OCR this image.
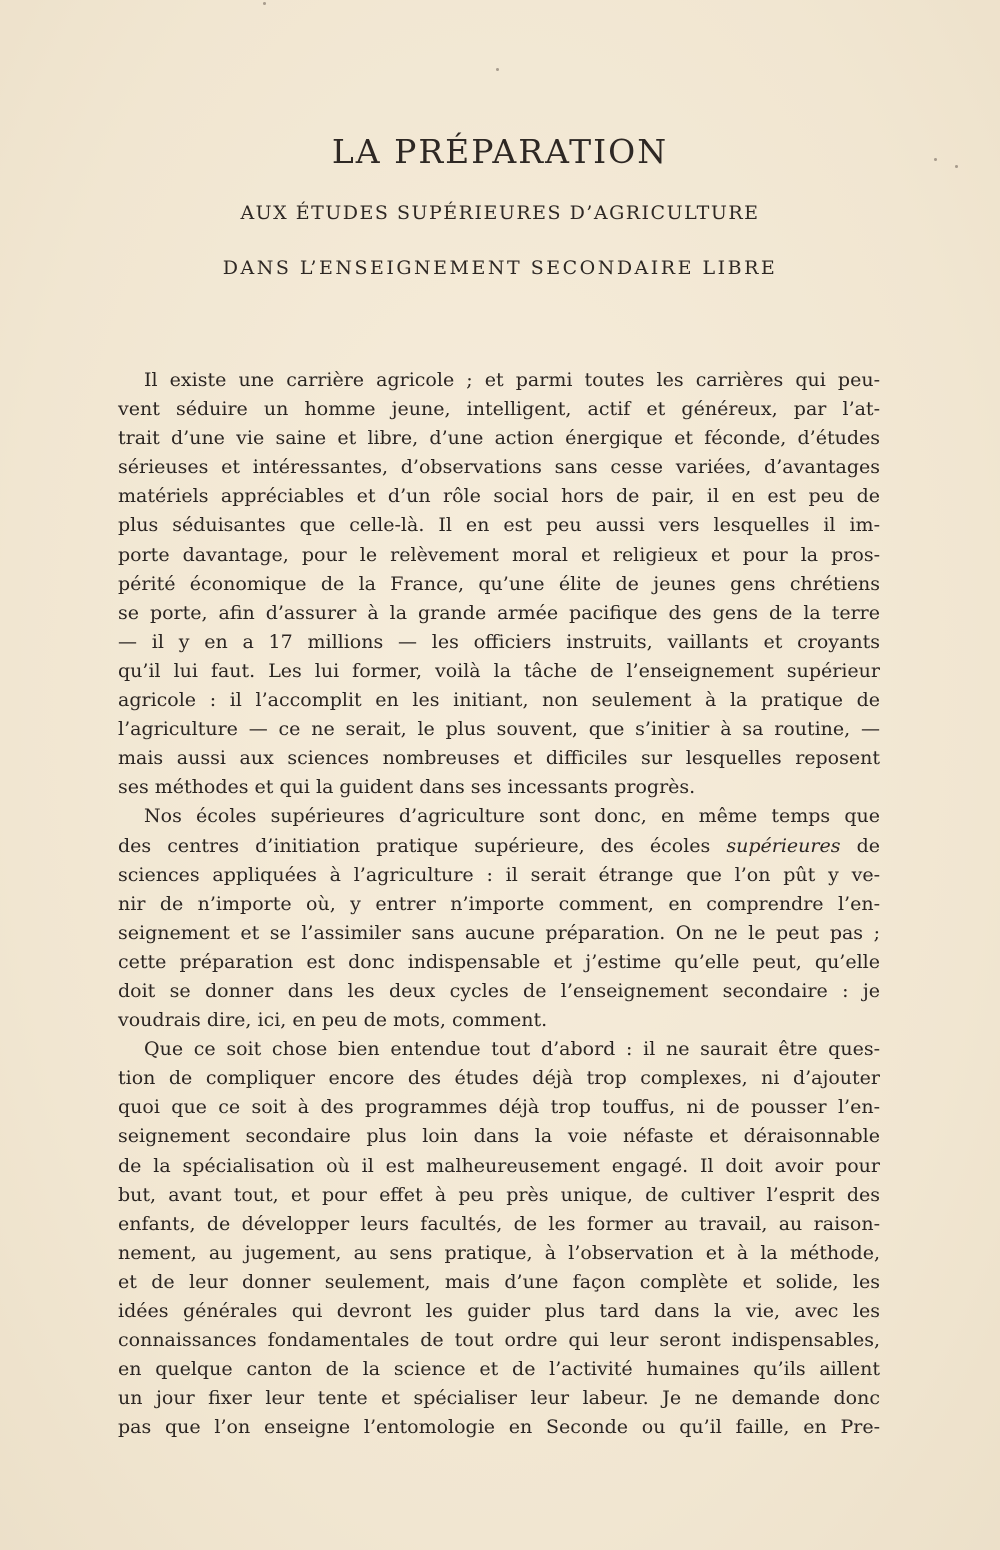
LA PRÉPARATION
AUX ÉTUDES SUPÉRIEURES D’AGRICULTURE
DANS L’ENSEIGNEMENT SECONDAIRE LIBRE
Il existe une carrière agricole ; et parmi toutes les carrières qui peu-
vent séduire un homme jeune, intelligent, actif et généreux, par l’at-
trait d’une vie saine et libre, d’une action énergique et féconde, d’études
sérieuses et intéressantes, d’observations sans cesse variées, d’avantages
matériels appréciables et d’un rôle social hors de pair, il en est peu de
plus séduisantes que celle-là. Il en est peu aussi vers lesquelles il im-
porte davantage, pour le relèvement moral et religieux et pour la pros-
périté économique de la France, qu’une élite de jeunes gens chrétiens
se porte, afin d’assurer à la grande armée pacifique des gens de la terre
— il y en a 17 millions — les officiers instruits, vaillants et croyants
qu’il lui faut. Les lui former, voilà la tâche de l’enseignement supérieur
agricole : il l’accomplit en les initiant, non seulement à la pratique de
l’agriculture — ce ne serait, le plus souvent, que s’initier à sa routine, —
mais aussi aux sciences nombreuses et difficiles sur lesquelles reposent
ses méthodes et qui la guident dans ses incessants progrès.
Nos écoles supérieures d’agriculture sont donc, en même temps que
des centres d’initiation pratique supérieure, des écoles supérieures de
sciences appliquées à l’agriculture : il serait étrange que l’on pût y ve-
nir de n’importe où, y entrer n’importe comment, en comprendre l’en-
seignement et se l’assimiler sans aucune préparation. On ne le peut pas ;
cette préparation est donc indispensable et j’estime qu’elle peut, qu’elle
doit se donner dans les deux cycles de l’enseignement secondaire : je
voudrais dire, ici, en peu de mots, comment.
Que ce soit chose bien entendue tout d’abord : il ne saurait être ques-
tion de compliquer encore des études déjà trop complexes, ni d’ajouter
quoi que ce soit à des programmes déjà trop touffus, ni de pousser l’en-
seignement secondaire plus loin dans la voie néfaste et déraisonnable
de la spécialisation où il est malheureusement engagé. Il doit avoir pour
but, avant tout, et pour effet à peu près unique, de cultiver l’esprit des
enfants, de développer leurs facultés, de les former au travail, au raison-
nement, au jugement, au sens pratique, à l’observation et à la méthode,
et de leur donner seulement, mais d’une façon complète et solide, les
idées générales qui devront les guider plus tard dans la vie, avec les
connaissances fondamentales de tout ordre qui leur seront indispensables,
en quelque canton de la science et de l’activité humaines qu’ils aillent
un jour fixer leur tente et spécialiser leur labeur. Je ne demande donc
pas que l’on enseigne l’entomologie en Seconde ou qu’il faille, en Pre-
